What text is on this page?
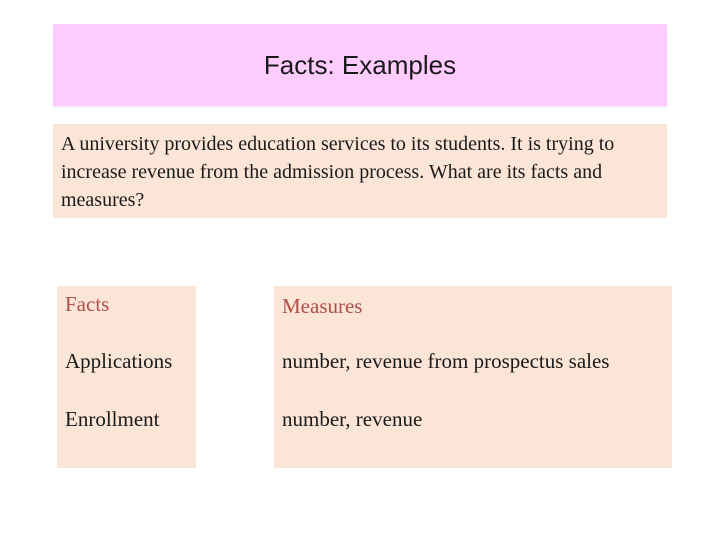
Facts: Examples

A university provides education services to its students. It is trying to increase revenue from the admission process. What are its facts and measures?

Facts
Applications
Enrollment
Measures
number, revenue from prospectus sales
number, revenue
